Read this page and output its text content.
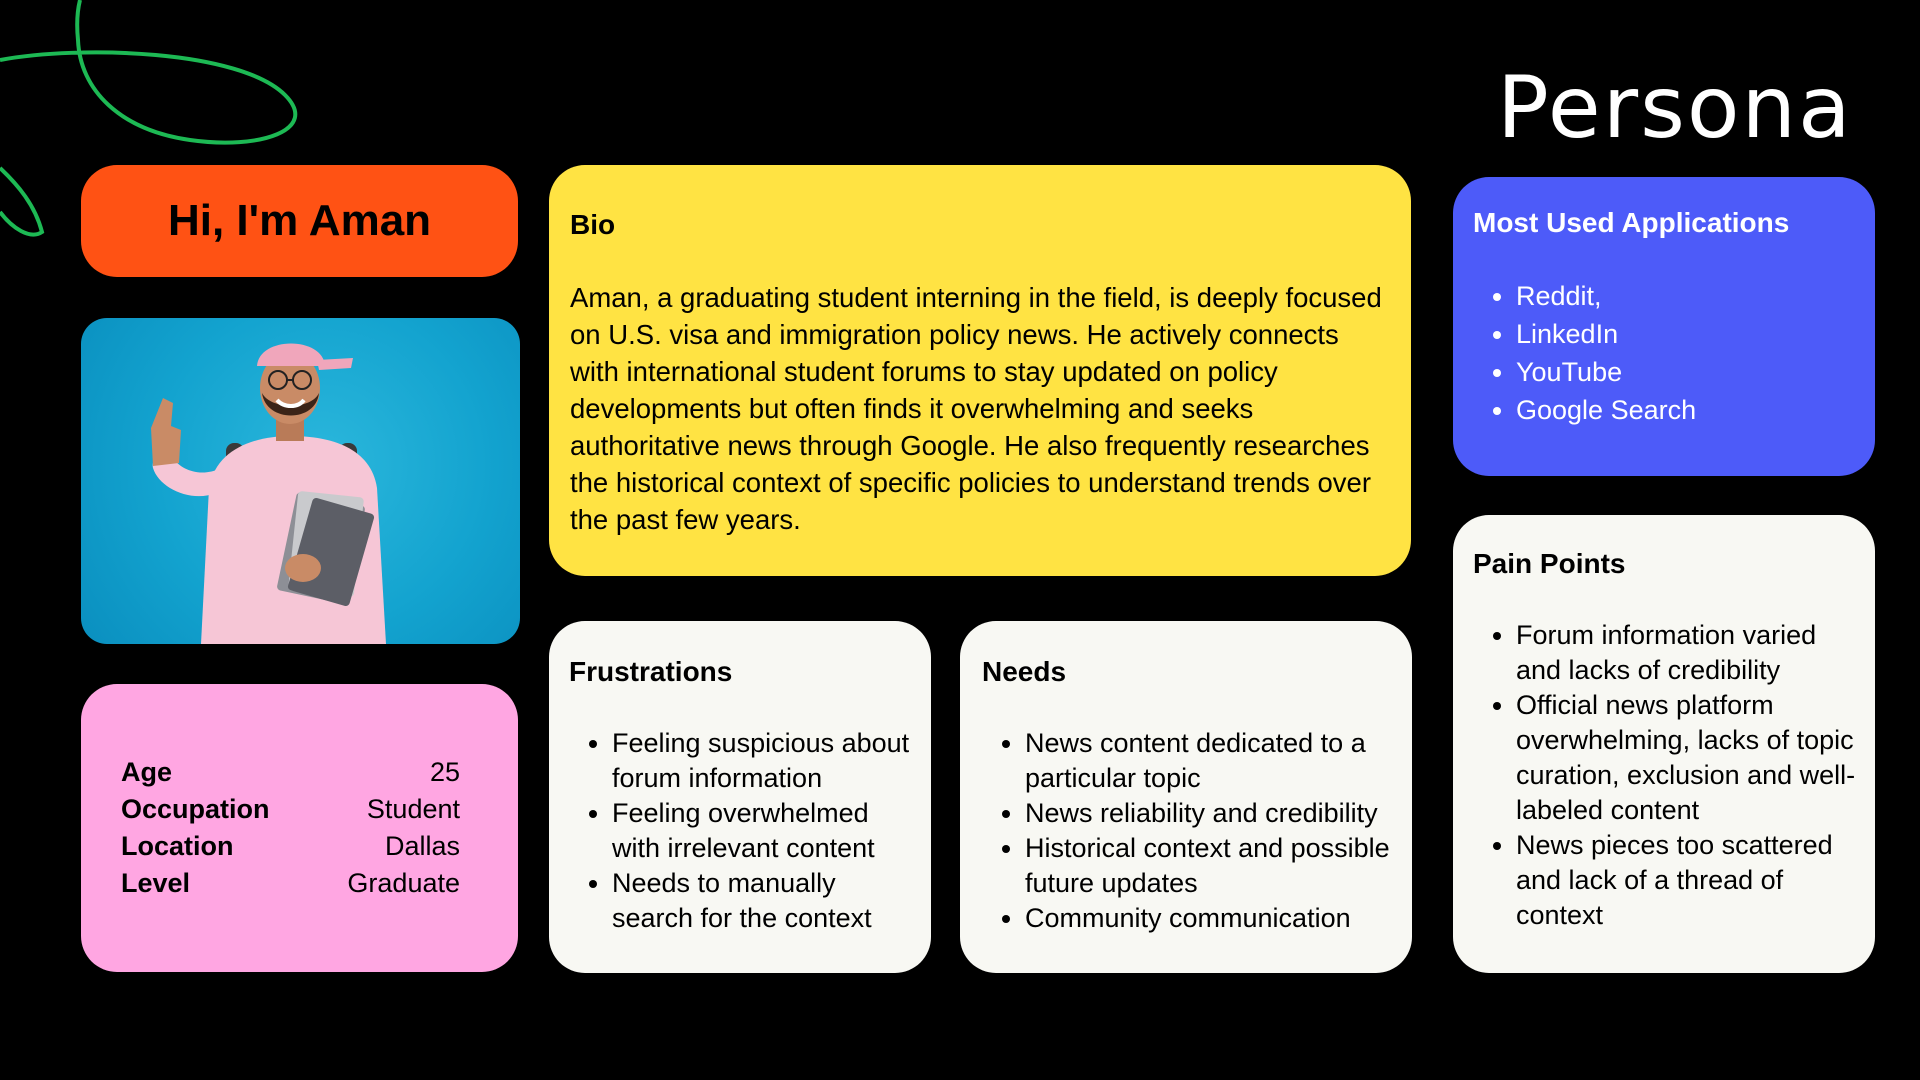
Persona
Hi, I'm Aman
Age	25
Occupation	Student
Location	Dallas
Level	Graduate
Bio

Aman, a graduating student interning in the field, is deeply focused on U.S. visa and immigration policy news. He actively connects with international student forums to stay updated on policy developments but often finds it overwhelming and seeks authoritative news through Google. He also frequently researches the historical context of specific policies to understand trends over the past few years.

Frustrations
• Feeling suspicious about forum information
• Feeling overwhelmed with irrelevant content
• Needs to manually search for the context
Needs
• News content dedicated to a particular topic
• News reliability and credibility
• Historical context and possible future updates
• Community communication
Most Used Applications
• Reddit,
• LinkedIn
• YouTube
• Google Search
Pain Points
• Forum information varied and lacks of credibility
• Official news platform overwhelming, lacks of topic curation, exclusion and well-labeled content
• News pieces too scattered and lack of a thread of context
